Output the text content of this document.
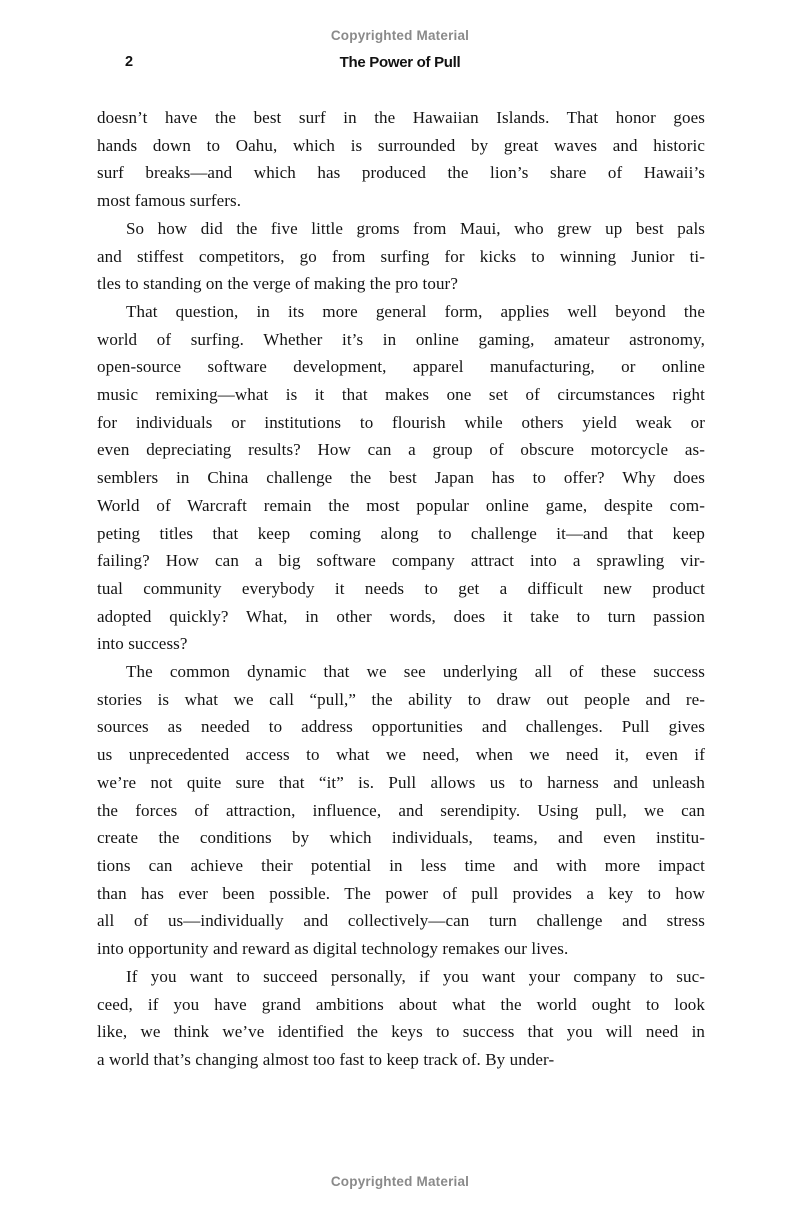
Copyrighted Material
2	The Power of Pull
doesn’t have the best surf in the Hawaiian Islands. That honor goes
hands down to Oahu, which is surrounded by great waves and historic
surf breaks—and which has produced the lion’s share of Hawaii’s
most famous surfers.
So how did the five little groms from Maui, who grew up best pals
and stiffest competitors, go from surfing for kicks to winning Junior ti-
tles to standing on the verge of making the pro tour?
That question, in its more general form, applies well beyond the
world of surfing. Whether it’s in online gaming, amateur astronomy,
open-source software development, apparel manufacturing, or online
music remixing—what is it that makes one set of circumstances right
for individuals or institutions to flourish while others yield weak or
even depreciating results? How can a group of obscure motorcycle as-
semblers in China challenge the best Japan has to offer? Why does
World of Warcraft remain the most popular online game, despite com-
peting titles that keep coming along to challenge it—and that keep
failing? How can a big software company attract into a sprawling vir-
tual community everybody it needs to get a difficult new product
adopted quickly? What, in other words, does it take to turn passion
into success?
The common dynamic that we see underlying all of these success
stories is what we call “pull,” the ability to draw out people and re-
sources as needed to address opportunities and challenges. Pull gives
us unprecedented access to what we need, when we need it, even if
we’re not quite sure that “it” is. Pull allows us to harness and unleash
the forces of attraction, influence, and serendipity. Using pull, we can
create the conditions by which individuals, teams, and even institu-
tions can achieve their potential in less time and with more impact
than has ever been possible. The power of pull provides a key to how
all of us—individually and collectively—can turn challenge and stress
into opportunity and reward as digital technology remakes our lives.
If you want to succeed personally, if you want your company to suc-
ceed, if you have grand ambitions about what the world ought to look
like, we think we’ve identified the keys to success that you will need in
a world that’s changing almost too fast to keep track of. By under-
Copyrighted Material
